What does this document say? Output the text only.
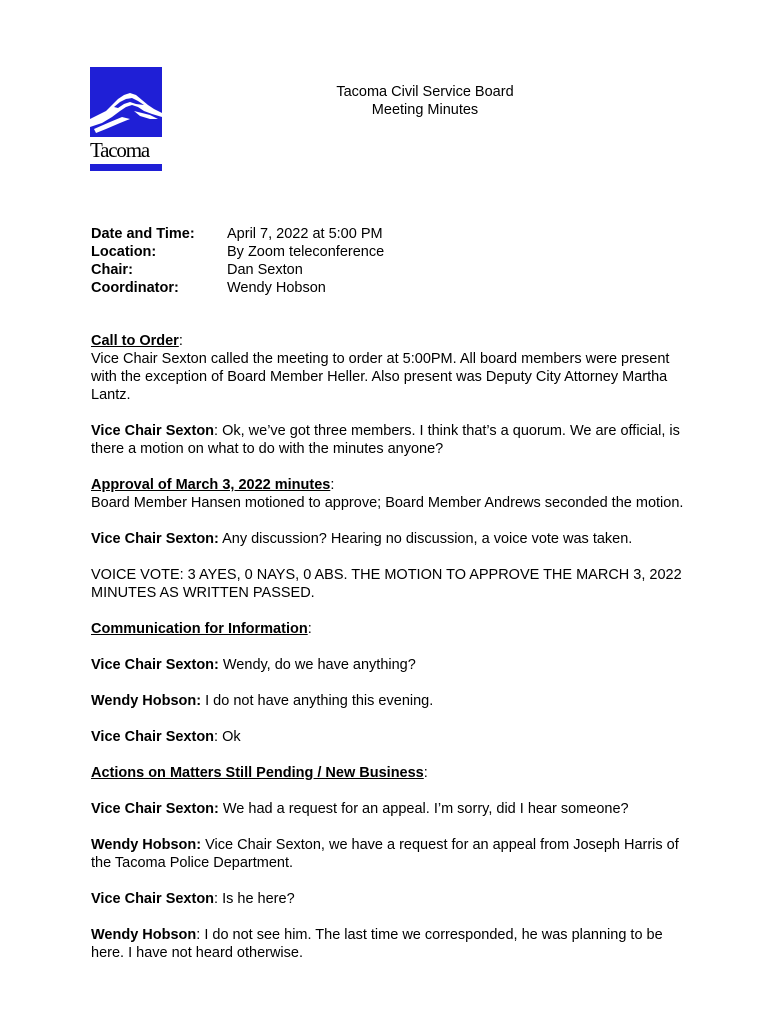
Tacoma
Tacoma Civil Service Board
Meeting Minutes
Date and Time: April 7, 2022 at 5:00 PM
Location:	By Zoom teleconference
Chair:	Dan Sexton
Coordinator:	Wendy Hobson

Call to Order:
Vice Chair Sexton called the meeting to order at 5:00PM. All board members were present with the exception of Board Member Heller. Also present was Deputy City Attorney Martha Lantz.

Vice Chair Sexton: Ok, we’ve got three members. I think that’s a quorum. We are official, is there a motion on what to do with the minutes anyone?

Approval of March 3, 2022 minutes:
Board Member Hansen motioned to approve; Board Member Andrews seconded the motion.

Vice Chair Sexton: Any discussion? Hearing no discussion, a voice vote was taken.

VOICE VOTE: 3 AYES, 0 NAYS, 0 ABS. THE MOTION TO APPROVE THE MARCH 3, 2022 MINUTES AS WRITTEN PASSED.

Communication for Information:

Vice Chair Sexton: Wendy, do we have anything?

Wendy Hobson: I do not have anything this evening.

Vice Chair Sexton: Ok

Actions on Matters Still Pending / New Business:

Vice Chair Sexton: We had a request for an appeal. I’m sorry, did I hear someone?

Wendy Hobson: Vice Chair Sexton, we have a request for an appeal from Joseph Harris of the Tacoma Police Department.

Vice Chair Sexton: Is he here?

Wendy Hobson: I do not see him. The last time we corresponded, he was planning to be here. I have not heard otherwise.
